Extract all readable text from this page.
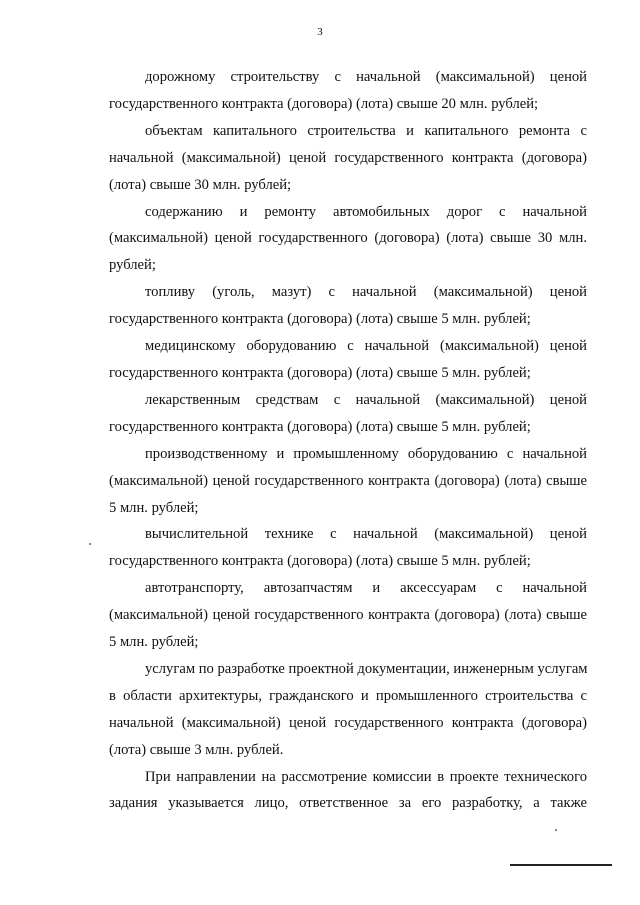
3
дорожному строительству с начальной (максимальной) ценой
государственного контракта (договора) (лота) свыше 20 млн. рублей;
объектам капитального строительства и капитального ремонта с
начальной (максимальной) ценой государственного контракта (договора)
(лота) свыше 30 млн. рублей;
содержанию и ремонту автомобильных дорог с начальной
(максимальной) ценой государственного (договора) (лота) свыше 30 млн.
рублей;
топливу (уголь, мазут) с начальной (максимальной) ценой
государственного контракта (договора) (лота) свыше 5 млн. рублей;
медицинскому оборудованию с начальной (максимальной) ценой
государственного контракта (договора) (лота) свыше 5 млн. рублей;
лекарственным средствам с начальной (максимальной) ценой
государственного контракта (договора) (лота) свыше 5 млн. рублей;
производственному и промышленному оборудованию с начальной
(максимальной) ценой государственного контракта (договора) (лота) свыше
5 млн. рублей;
вычислительной технике с начальной (максимальной) ценой
государственного контракта (договора) (лота) свыше 5 млн. рублей;
автотранспорту, автозапчастям и аксессуарам с начальной
(максимальной) ценой государственного контракта (договора) (лота) свыше
5 млн. рублей;
услугам по разработке проектной документации, инженерным услугам
в области архитектуры, гражданского и промышленного строительства с
начальной (максимальной) ценой государственного контракта (договора)
(лота) свыше 3 млн. рублей.
При направлении на рассмотрение комиссии в проекте технического
задания указывается лицо, ответственное за его разработку, а также
